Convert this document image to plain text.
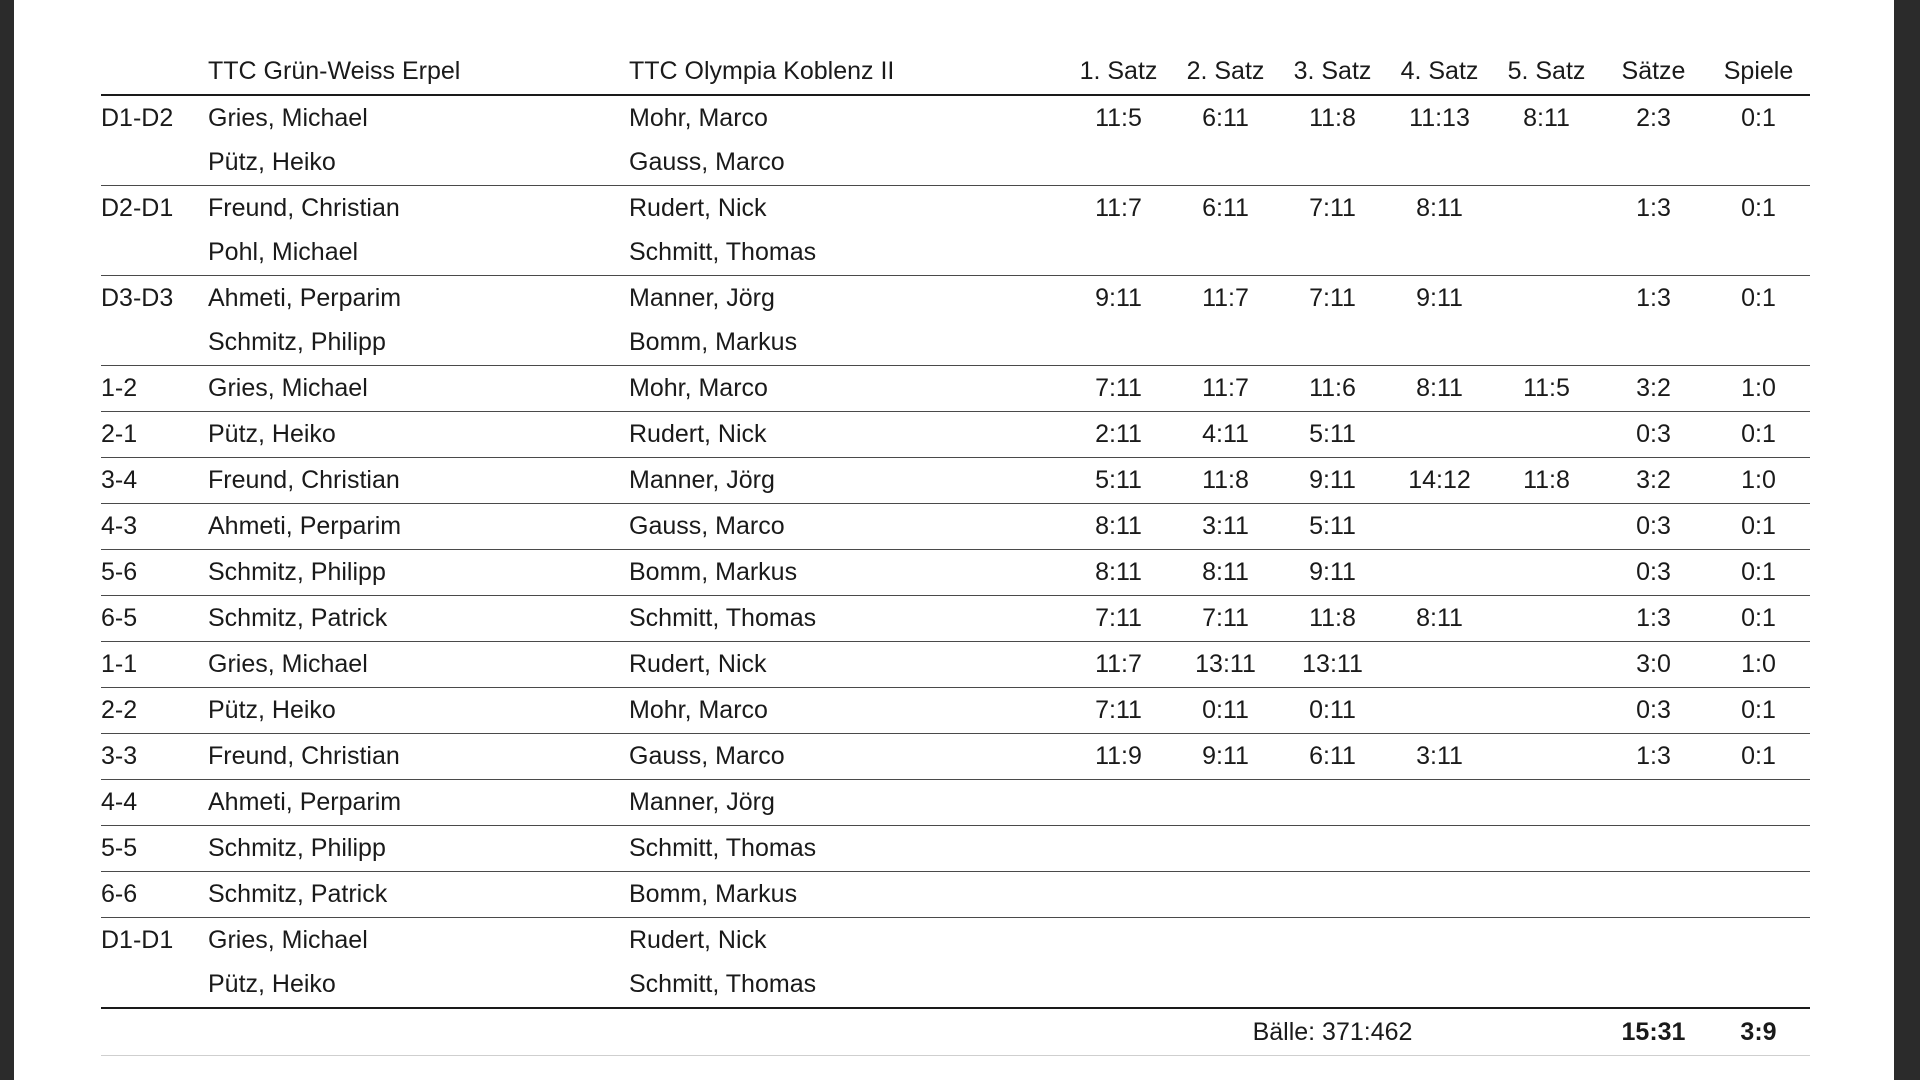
	TTC Grün-Weiss Erpel	TTC Olympia Koblenz II	1. Satz	2. Satz	3. Satz	4. Satz	5. Satz	Sätze	Spiele
D1-D2	Gries, Michael	Mohr, Marco	11:5	6:11	11:8	11:13	8:11	2:3	0:1
	Pütz, Heiko	Gauss, Marco							
D2-D1	Freund, Christian	Rudert, Nick	11:7	6:11	7:11	8:11		1:3	0:1
	Pohl, Michael	Schmitt, Thomas							
D3-D3	Ahmeti, Perparim	Manner, Jörg	9:11	11:7	7:11	9:11		1:3	0:1
	Schmitz, Philipp	Bomm, Markus							
1-2	Gries, Michael	Mohr, Marco	7:11	11:7	11:6	8:11	11:5	3:2	1:0
2-1	Pütz, Heiko	Rudert, Nick	2:11	4:11	5:11			0:3	0:1
3-4	Freund, Christian	Manner, Jörg	5:11	11:8	9:11	14:12	11:8	3:2	1:0
4-3	Ahmeti, Perparim	Gauss, Marco	8:11	3:11	5:11			0:3	0:1
5-6	Schmitz, Philipp	Bomm, Markus	8:11	8:11	9:11			0:3	0:1
6-5	Schmitz, Patrick	Schmitt, Thomas	7:11	7:11	11:8	8:11		1:3	0:1
1-1	Gries, Michael	Rudert, Nick	11:7	13:11	13:11			3:0	1:0
2-2	Pütz, Heiko	Mohr, Marco	7:11	0:11	0:11			0:3	0:1
3-3	Freund, Christian	Gauss, Marco	11:9	9:11	6:11	3:11		1:3	0:1
4-4	Ahmeti, Perparim	Manner, Jörg							
5-5	Schmitz, Philipp	Schmitt, Thomas							
6-6	Schmitz, Patrick	Bomm, Markus							
D1-D1	Gries, Michael	Rudert, Nick							
	Pütz, Heiko	Schmitt, Thomas							
				Bälle: 371:462				15:31	3:9
